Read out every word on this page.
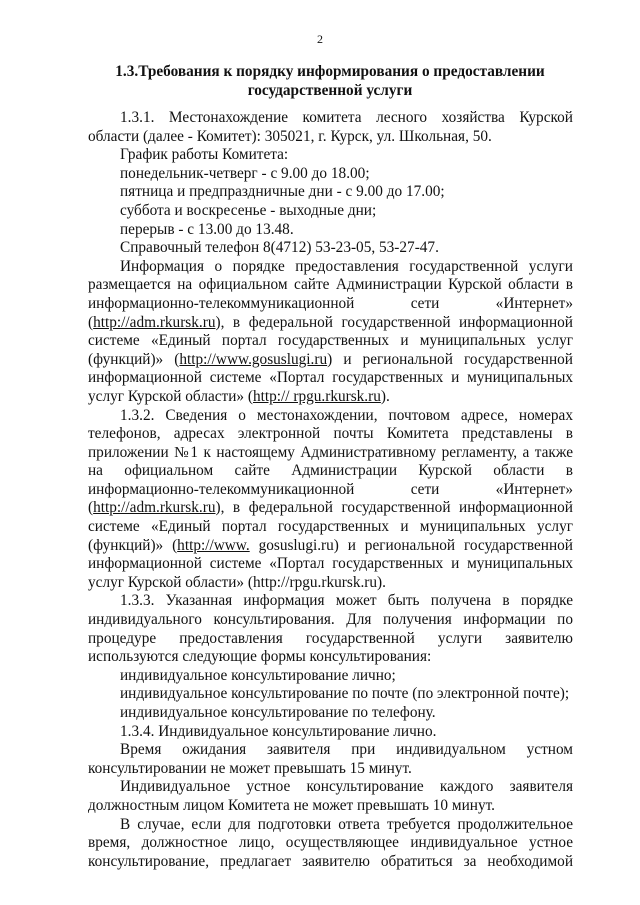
2
1.3.Требования к порядку информирования о предоставлении
государственной услуги

1.3.1. Местонахождение комитета лесного хозяйства Курской области (далее - Комитет): 305021, г. Курск, ул. Школьная, 50.

График работы Комитета:

понедельник-четверг - с 9.00 до 18.00;

пятница и предпраздничные дни - с 9.00 до 17.00;

суббота и воскресенье - выходные дни;

перерыв - с 13.00 до 13.48.

Справочный телефон 8(4712) 53-23-05, 53-27-47.

Информация о порядке предоставления государственной услуги размещается на официальном сайте Администрации Курской области в информационно-телекоммуникационной сети «Интернет» (http://adm.rkursk.ru), в федеральной государственной информационной системе «Единый портал государственных и муниципальных услуг (функций)» (http://www.gosuslugi.ru) и региональной государственной информационной системе «Портал государственных и муниципальных услуг Курской области» (http:// rpgu.rkursk.ru).

1.3.2. Сведения о местонахождении, почтовом адресе, номерах телефонов, адресах электронной почты Комитета представлены в приложении №1 к настоящему Административному регламенту, а также на официальном сайте Администрации Курской области в информационно-телекоммуникационной сети «Интернет» (http://adm.rkursk.ru), в федеральной государственной информационной системе «Единый портал государственных и муниципальных услуг (функций)» (http://www. gosuslugi.ru) и региональной государственной информационной системе «Портал государственных и муниципальных услуг Курской области» (http://rpgu.rkursk.ru).

1.3.3. Указанная информация может быть получена в порядке индивидуального консультирования. Для получения информации по процедуре предоставления государственной услуги заявителю используются следующие формы консультирования:

индивидуальное консультирование лично;

индивидуальное консультирование по почте (по электронной почте);

индивидуальное консультирование по телефону.

1.3.4. Индивидуальное консультирование лично.

Время ожидания заявителя при индивидуальном устном консультировании не может превышать 15 минут.

Индивидуальное устное консультирование каждого заявителя должностным лицом Комитета не может превышать 10 минут.

В случае, если для подготовки ответа требуется продолжительное время, должностное лицо, осуществляющее индивидуальное устное консультирование, предлагает заявителю обратиться за необходимой
